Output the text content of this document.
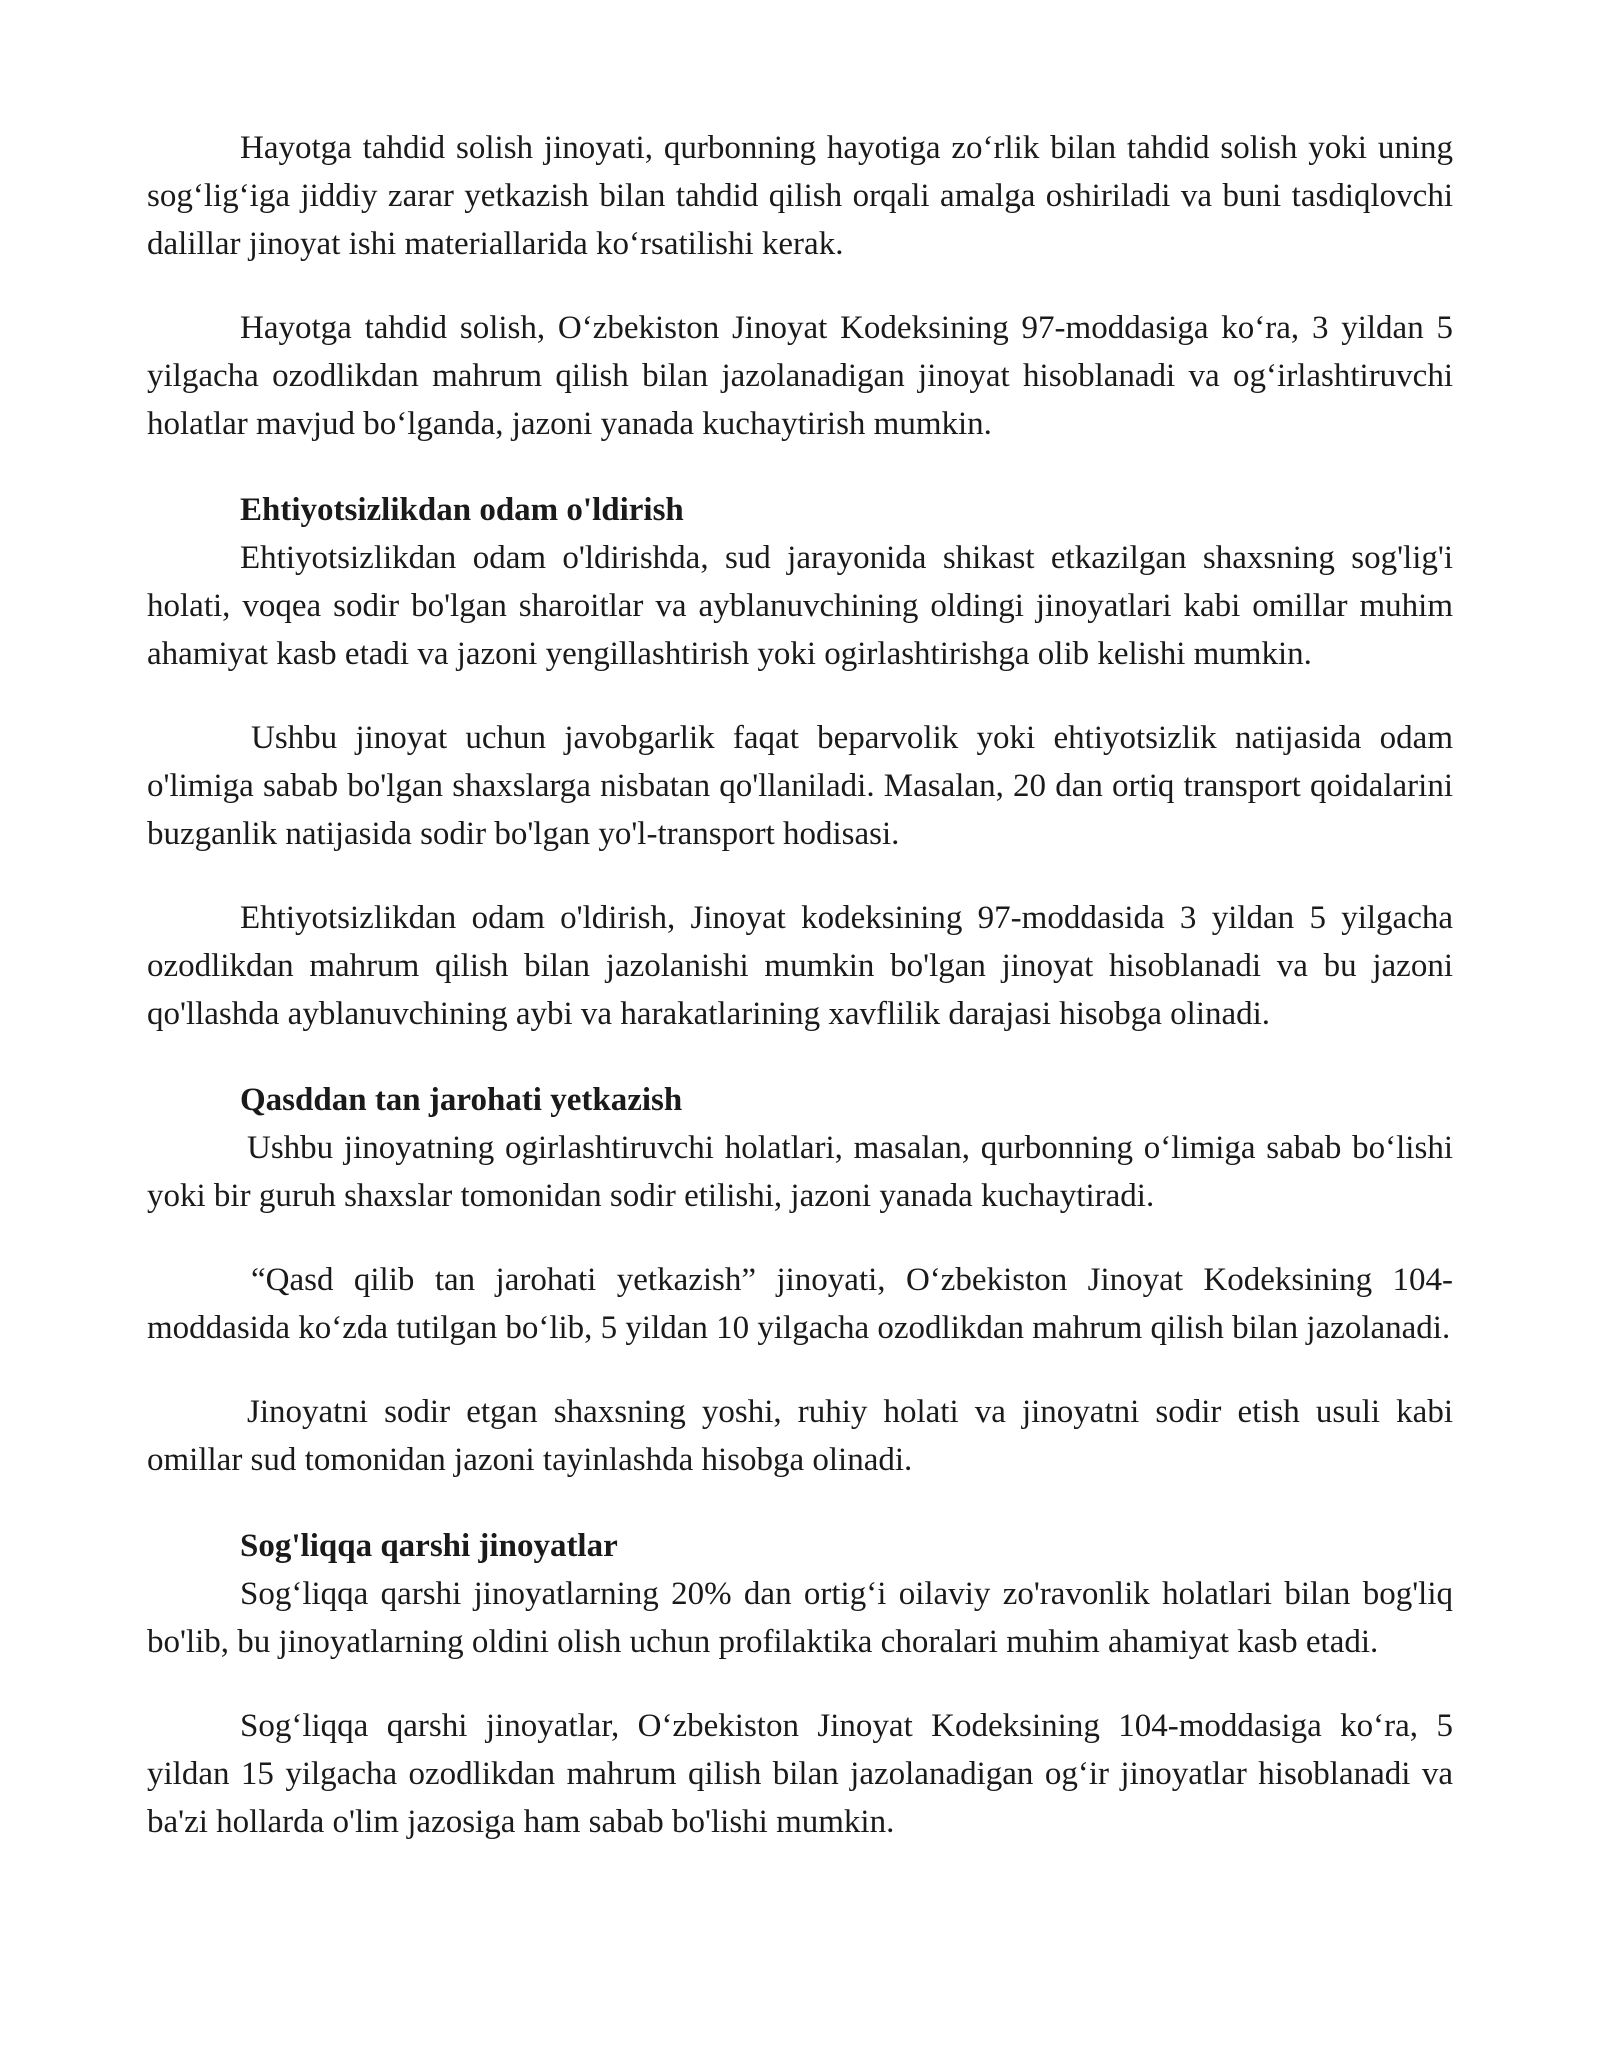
Hayotga tahdid solish jinoyati, qurbonning hayotiga zo‘rlik bilan tahdid solish yoki uning sog‘lig‘iga jiddiy zarar yetkazish bilan tahdid qilish orqali amalga oshiriladi va buni tasdiqlovchi dalillar jinoyat ishi materiallarida ko‘rsatilishi kerak.

Hayotga tahdid solish, O‘zbekiston Jinoyat Kodeksining 97-moddasiga ko‘ra, 3 yildan 5 yilgacha ozodlikdan mahrum qilish bilan jazolanadigan jinoyat hisoblanadi va og‘irlashtiruvchi holatlar mavjud bo‘lganda, jazoni yanada kuchaytirish mumkin.

Ehtiyotsizlikdan odam o'ldirish

Ehtiyotsizlikdan odam o'ldirishda, sud jarayonida shikast etkazilgan shaxsning sog'lig'i holati, voqea sodir bo'lgan sharoitlar va ayblanuvchining oldingi jinoyatlari kabi omillar muhim ahamiyat kasb etadi va jazoni yengillashtirish yoki ogirlashtirishga olib kelishi mumkin.

Ushbu jinoyat uchun javobgarlik faqat beparvolik yoki ehtiyotsizlik natijasida odam o'limiga sabab bo'lgan shaxslarga nisbatan qo'llaniladi. Masalan, 20 dan ortiq transport qoidalarini buzganlik natijasida sodir bo'lgan yo'l-transport hodisasi.

Ehtiyotsizlikdan odam o'ldirish, Jinoyat kodeksining 97-moddasida 3 yildan 5 yilgacha ozodlikdan mahrum qilish bilan jazolanishi mumkin bo'lgan jinoyat hisoblanadi va bu jazoni qo'llashda ayblanuvchining aybi va harakatlarining xavflilik darajasi hisobga olinadi.

Qasddan tan jarohati yetkazish

Ushbu jinoyatning ogirlashtiruvchi holatlari, masalan, qurbonning o‘limiga sabab bo‘lishi yoki bir guruh shaxslar tomonidan sodir etilishi, jazoni yanada kuchaytiradi.

“Qasd qilib tan jarohati yetkazish” jinoyati, O‘zbekiston Jinoyat Kodeksining 104-moddasida ko‘zda tutilgan bo‘lib, 5 yildan 10 yilgacha ozodlikdan mahrum qilish bilan jazolanadi.

Jinoyatni sodir etgan shaxsning yoshi, ruhiy holati va jinoyatni sodir etish usuli kabi omillar sud tomonidan jazoni tayinlashda hisobga olinadi.

Sog'liqqa qarshi jinoyatlar

Sog‘liqqa qarshi jinoyatlarning 20% dan ortig‘i oilaviy zo'ravonlik holatlari bilan bog'liq bo'lib, bu jinoyatlarning oldini olish uchun profilaktika choralari muhim ahamiyat kasb etadi.

Sog‘liqqa qarshi jinoyatlar, O‘zbekiston Jinoyat Kodeksining 104-moddasiga ko‘ra, 5 yildan 15 yilgacha ozodlikdan mahrum qilish bilan jazolanadigan og‘ir jinoyatlar hisoblanadi va ba'zi hollarda o'lim jazosiga ham sabab bo'lishi mumkin.
